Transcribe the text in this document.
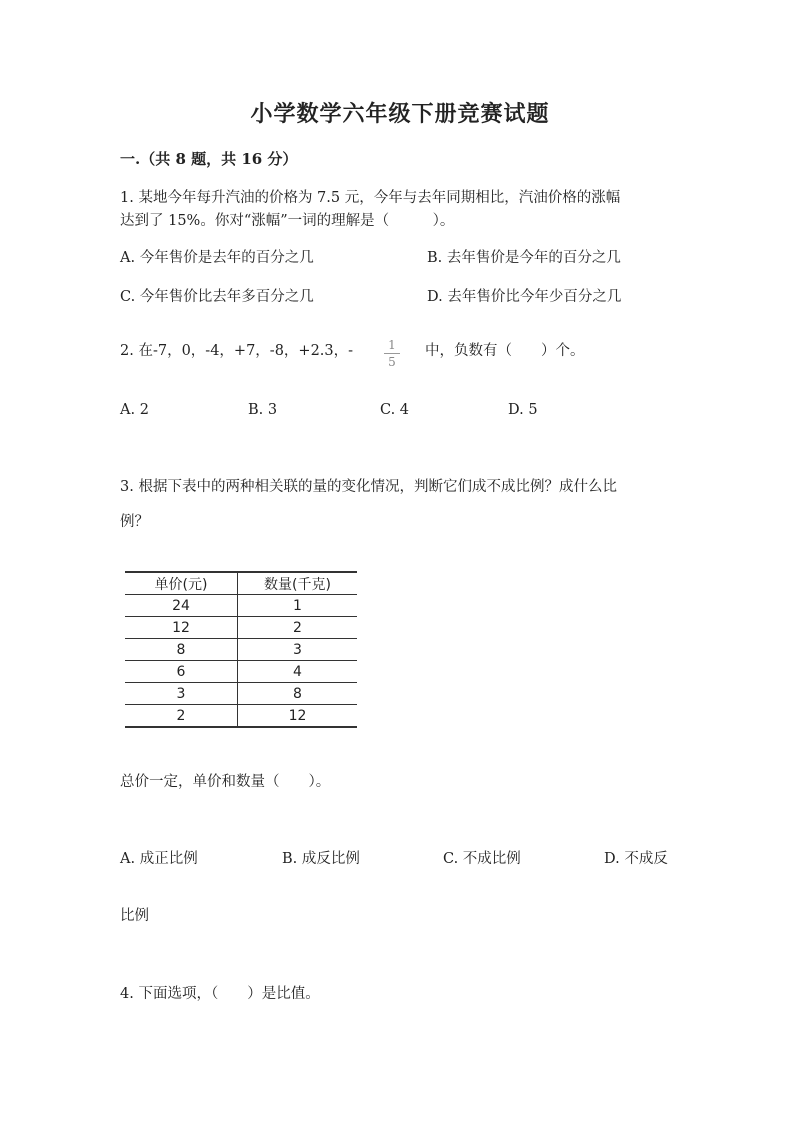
小学数学六年级下册竞赛试题
一.（共 8 题，共 16 分）
1. 某地今年每升汽油的价格为 7.5 元，今年与去年同期相比，汽油价格的涨幅
达到了 15%。你对“涨幅”一词的理解是（　　　）。
A. 今年售价是去年的百分之几	B. 去年售价是今年的百分之几
C. 今年售价比去年多百分之几	D. 去年售价比今年少百分之几
2. 在-7，0，-4，+7，-8，+2.3，-	1
5
中，负数有（　　）个。
A. 2	B. 3	C. 4	D. 5
3. 根据下表中的两种相关联的量的变化情况，判断它们成不成比例？成什么比
例？
单价(元)	数量(千克)
24	1
12	2
8	3
6	4
3	8
2	12
总价一定，单价和数量（　　）。
A. 成正比例	B. 成反比例	C. 不成比例	D. 不成反
比例
4. 下面选项，（　　）是比值。
